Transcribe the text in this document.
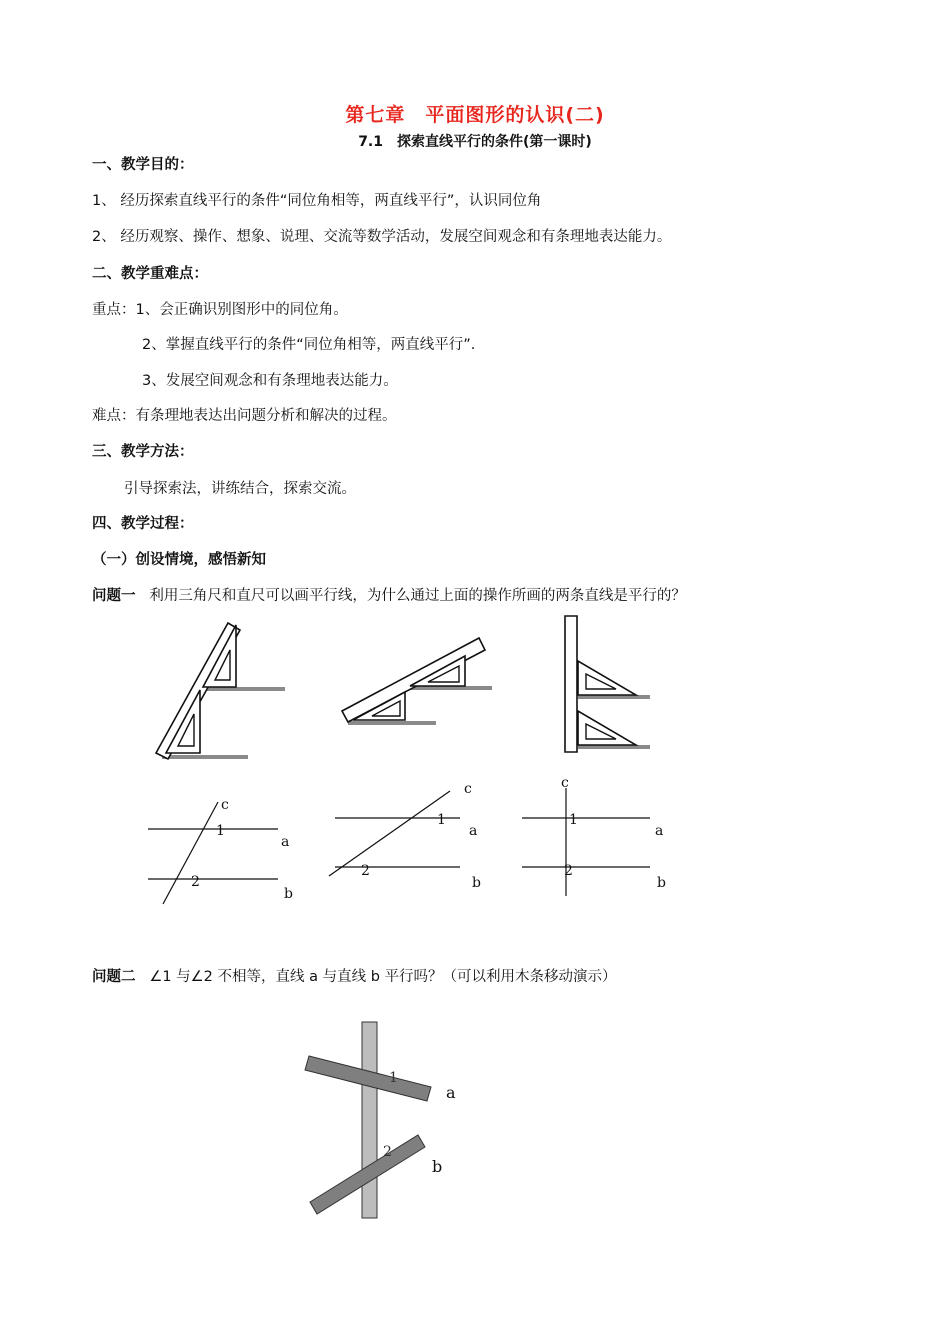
第七章　平面图形的认识(二)
7.1　探索直线平行的条件(第一课时)
一、教学目的：
1、 经历探索直线平行的条件“同位角相等，两直线平行”，认识同位角
2、 经历观察、操作、想象、说理、交流等数学活动，发展空间观念和有条理地表达能力。
二、教学重难点：
重点：1、会正确识别图形中的同位角。
2、掌握直线平行的条件“同位角相等，两直线平行”.
3、发展空间观念和有条理地表达能力。
难点：有条理地表达出问题分析和解决的过程。
三、教学方法：
引导探索法，讲练结合，探索交流。
四、教学过程：
（一）创设情境，感悟新知
问题一 利用三角尺和直尺可以画平行线，为什么通过上面的操作所画的两条直线是平行的？
c
1
a
2
b
c
1
a
2
b
c
1
a
2
b
问题二 ∠1 与∠2 不相等，直线 a 与直线 b 平行吗？（可以利用木条移动演示）
1
2
a
b
